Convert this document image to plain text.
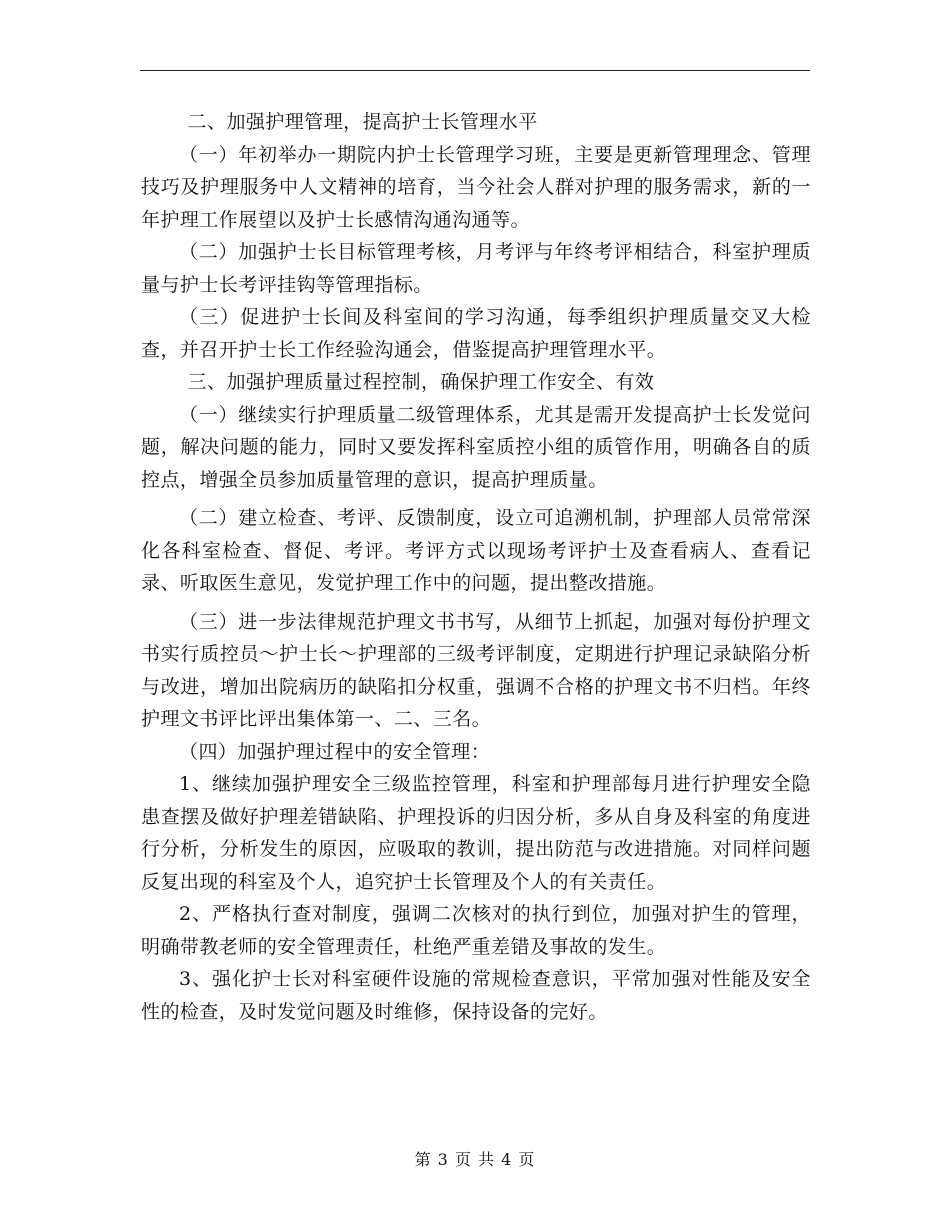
二、加强护理管理，提高护士长管理水平

（一）年初举办一期院内护士长管理学习班，主要是更新管理理念、管理技巧及护理服务中人文精神的培育，当今社会人群对护理的服务需求，新的一年护理工作展望以及护士长感情沟通沟通等。

（二）加强护士长目标管理考核，月考评与年终考评相结合，科室护理质量与护士长考评挂钩等管理指标。

（三）促进护士长间及科室间的学习沟通，每季组织护理质量交叉大检查，并召开护士长工作经验沟通会，借鉴提高护理管理水平。

三、加强护理质量过程控制，确保护理工作安全、有效

（一）继续实行护理质量二级管理体系，尤其是需开发提高护士长发觉问题，解决问题的能力，同时又要发挥科室质控小组的质管作用，明确各自的质控点，增强全员参加质量管理的意识，提高护理质量。

（二）建立检查、考评、反馈制度，设立可追溯机制，护理部人员常常深化各科室检查、督促、考评。考评方式以现场考评护士及查看病人、查看记录、听取医生意见，发觉护理工作中的问题，提出整改措施。

（三）进一步法律规范护理文书书写，从细节上抓起，加强对每份护理文书实行质控员～护士长～护理部的三级考评制度，定期进行护理记录缺陷分析与改进，增加出院病历的缺陷扣分权重，强调不合格的护理文书不归档。年终护理文书评比评出集体第一、二、三名。

（四）加强护理过程中的安全管理：

1、继续加强护理安全三级监控管理，科室和护理部每月进行护理安全隐患查摆及做好护理差错缺陷、护理投诉的归因分析，多从自身及科室的角度进行分析，分析发生的原因，应吸取的教训，提出防范与改进措施。对同样问题反复出现的科室及个人，追究护士长管理及个人的有关责任。

2、严格执行查对制度，强调二次核对的执行到位，加强对护生的管理，明确带教老师的安全管理责任，杜绝严重差错及事故的发生。

3、强化护士长对科室硬件设施的常规检查意识，平常加强对性能及安全性的检查，及时发觉问题及时维修，保持设备的完好。

第 3 页 共 4 页
